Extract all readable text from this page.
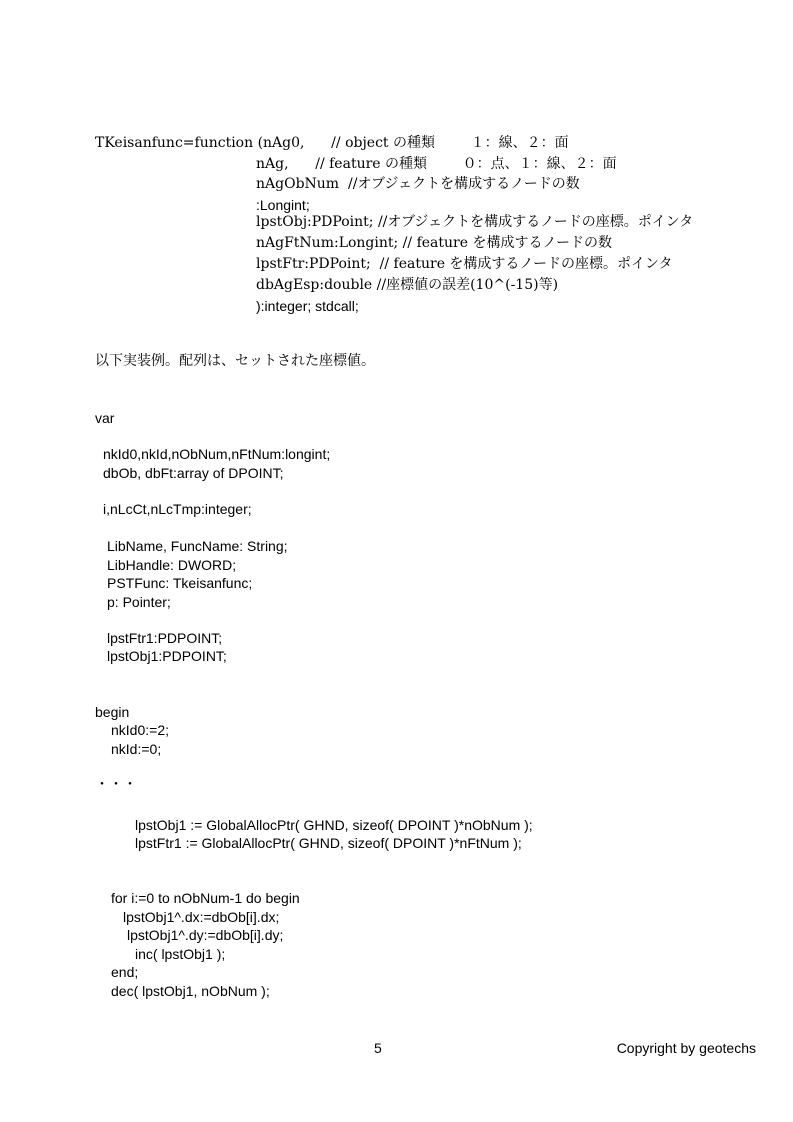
TKeisanfunc=function (nAg0,      // object の種類        １：線、２：面
nAg,      // feature の種類        ０：点、１：線、２：面
nAgObNum  //オブジェクトを構成するノードの数
:Longint;
lpstObj:PDPoint; //オブジェクトを構成するノードの座標。ポインタ
nAgFtNum:Longint; // feature を構成するノードの数
lpstFtr:PDPoint;  // feature を構成するノードの座標。ポインタ
dbAgEsp:double //座標値の誤差(10^(-15)等)
):integer; stdcall;
以下実装例。配列は、セットされた座標値。
var
nkId0,nkId,nObNum,nFtNum:longint;
dbOb, dbFt:array of DPOINT;
i,nLcCt,nLcTmp:integer;
LibName, FuncName: String;
LibHandle: DWORD;
PSTFunc: Tkeisanfunc;
p: Pointer;
lpstFtr1:PDPOINT;
lpstObj1:PDPOINT;
begin
nkId0:=2;
nkId:=0;
・・・
lpstObj1 := GlobalAllocPtr( GHND, sizeof( DPOINT )*nObNum );
lpstFtr1 := GlobalAllocPtr( GHND, sizeof( DPOINT )*nFtNum );
for i:=0 to nObNum-1 do begin
lpstObj1^.dx:=dbOb[i].dx;
lpstObj1^.dy:=dbOb[i].dy;
inc( lpstObj1 );
end;
dec( lpstObj1, nObNum );
5	Copyright by geotechs
